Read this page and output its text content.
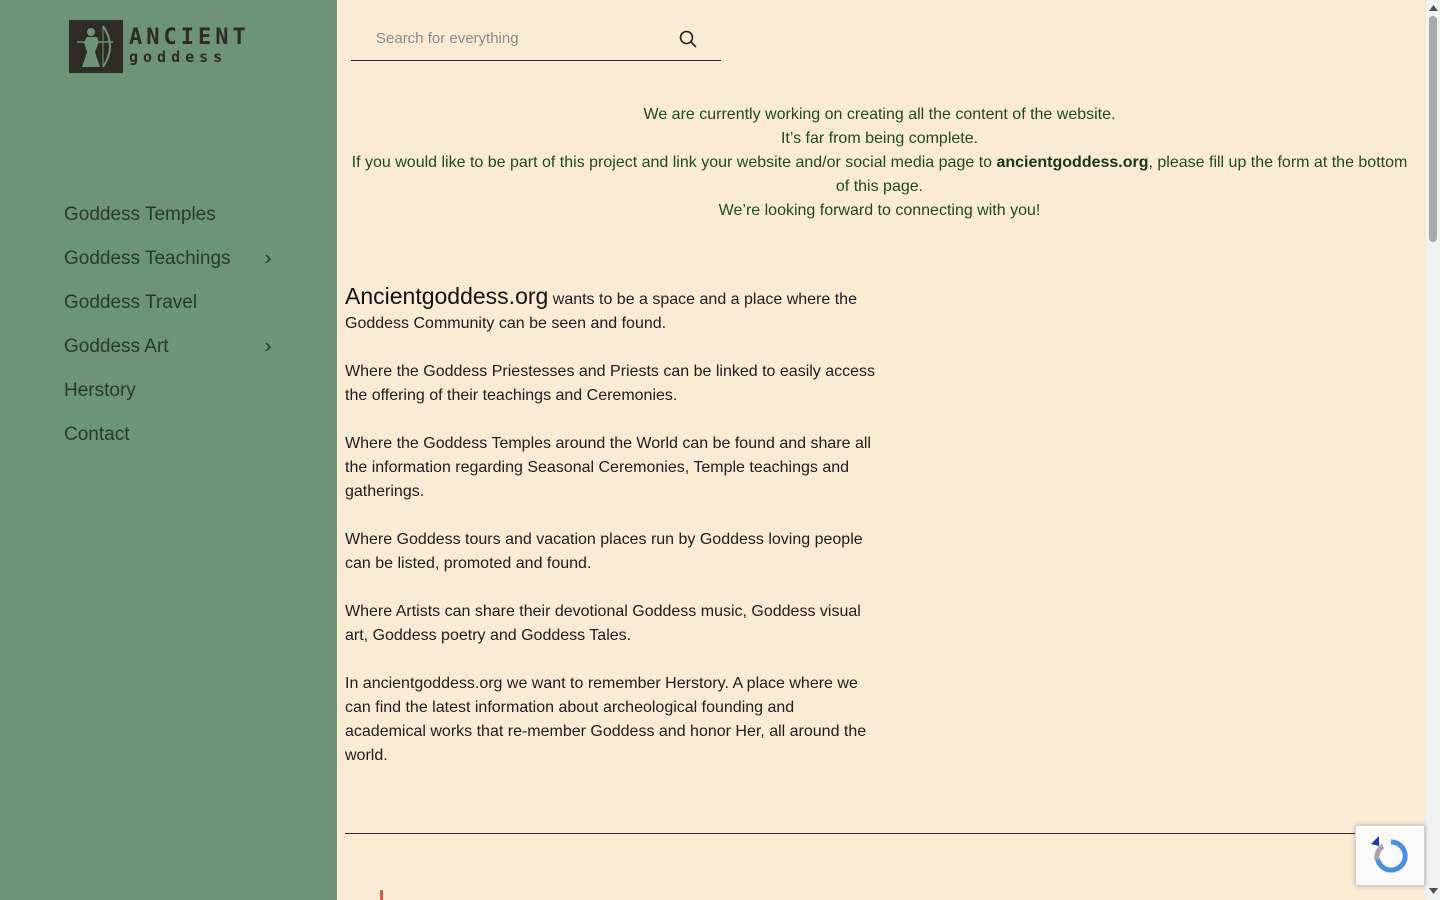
ANCIENT
goddess
Goddess Temples
Goddess Teachings
Goddess Travel
Goddess Art
Herstory
Contact
Search for everything

We are currently working on creating all the content of the website.

It’s far from being complete.

If you would like to be part of this project and link your website and/or social media page to ancientgoddess.org, please fill up the form at the bottom of this page.

We’re looking forward to connecting with you!

Ancientgoddess.org wants to be a space and a place where the Goddess Community can be seen and found.

Where the Goddess Priestesses and Priests can be linked to easily access the offering of their teachings and Ceremonies.

Where the Goddess Temples around the World can be found and share all the information regarding Seasonal Ceremonies, Temple teachings and gatherings.

Where Goddess tours and vacation places run by Goddess loving people can be listed, promoted and found.

Where Artists can share their devotional Goddess music, Goddess visual art, Goddess poetry and Goddess Tales.

In ancientgoddess.org we want to remember Herstory. A place where we can find the latest information about archeological founding and academical works that re-member Goddess and honor Her, all around the world.
